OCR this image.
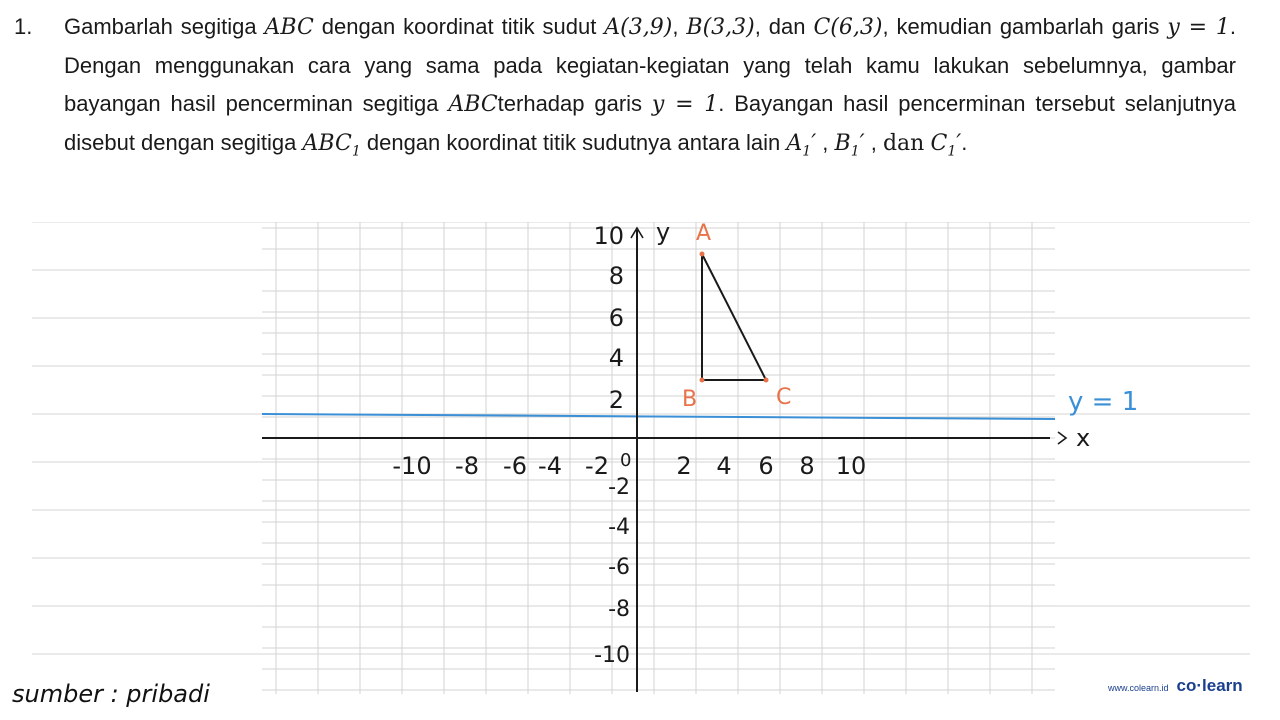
1. Gambarlah segitiga ABC dengan koordinat titik sudut A(3,9), B(3,3), dan C(6,3), kemudian gambarlah garis y = 1. Dengan menggunakan cara yang sama pada kegiatan-kegiatan yang telah kamu lakukan sebelumnya, gambar bayangan hasil pencerminan segitiga ABCterhadap garis y = 1. Bayangan hasil pencerminan tersebut selanjutnya disebut dengan segitiga $ABC_1$ dengan koordinat titik sudutnya antara lain $A_1'$ , $B_1'$ , dan $C_1'$.
A
B	C
x
y
0
y = 1
-10 -8 -6 -4 -2	2 4 6 8 10
10
8
6
4
2
-2
-4
-6
-8
-10
sumber : pribadi	www.colearn.id co·learn
